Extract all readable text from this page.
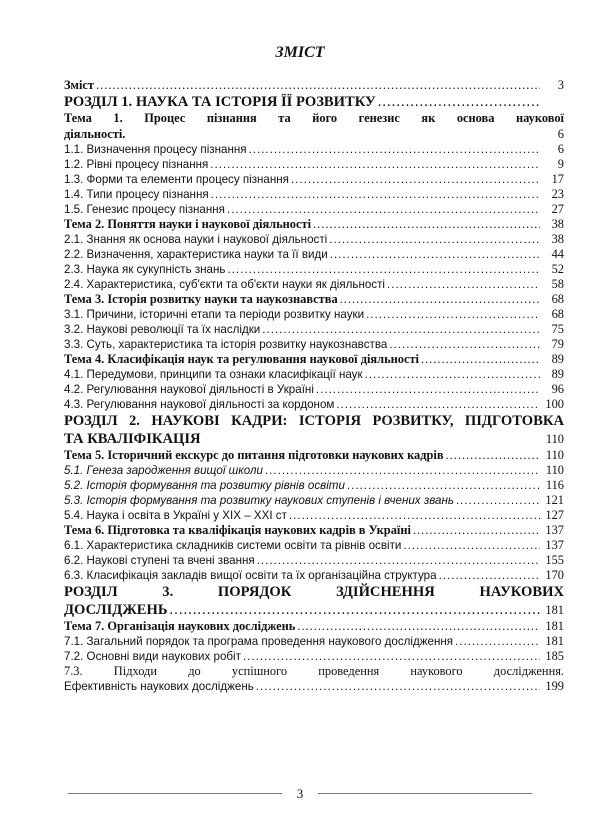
ЗМІСТ
Зміст .....	3
РОЗДІЛ 1. НАУКА ТА ІСТОРІЯ ЇЇ РОЗВИТКУ
.....
Тема 1. Процес пізнання та його генезис як основа наукової
діяльності.	6
1.1. Визначення процесу пізнання .....	6
1.2. Рівні процесу пізнання .....	9
1.3. Форми та елементи процесу пізнання .....	17
1.4. Типи процесу пізнання .....	23
1.5. Генезис процесу пізнання .....	27
Тема 2. Поняття науки і наукової діяльності .....	38
2.1. Знання як основа науки і наукової діяльності .....	38
2.2. Визначення, характеристика науки та її види .....	44
2.3. Наука як сукупність знань .....	52
2.4. Характеристика, суб'єкти та об'єкти науки як діяльності .....	58
Тема 3. Історія розвитку науки та наукознавства .....	68
3.1. Причини, історичні етапи та періоди розвитку науки .....	68
3.2. Наукові революції та їх наслідки .....	75
3.3. Суть, характеристика та історія розвитку наукознавства .....	79
Тема 4. Класифікація наук та регулювання наукової діяльності .....	89
4.1. Передумови, принципи та ознаки класифікації наук .....	89
4.2. Регулювання наукової діяльності в Україні .....	96
4.3. Регулювання наукової діяльності за кордоном .....	100
РОЗДІЛ 2. НАУКОВІ КАДРИ: ІСТОРІЯ РОЗВИТКУ, ПІДГОТОВКА
ТА КВАЛІФІКАЦІЯ	110
Тема 5. Історичний екскурс до питання підготовки наукових кадрів .....	110
5.1. Генеза зародження вищої школи .....	110
5.2. Історія формування та розвитку рівнів освіти .....	116
5.3. Історія формування та розвитку наукових ступенів і вчених звань .....	121
5.4. Наука і освіта в Україні у XIX – XXI ст .....	127
Тема 6. Підготовка та кваліфікація наукових кадрів в Україні .....	137
6.1. Характеристика складників системи освіти та рівнів освіти .....	137
6.2. Наукові ступені та вчені звання .....	155
6.3. Класифікація закладів вищої освіти та їх організаційна структура .....	170
РОЗДІЛ 3. ПОРЯДОК ЗДІЙСНЕННЯ НАУКОВИХ
ДОСЛІДЖЕНЬ .....	181
Тема 7. Організація наукових досліджень .....	181
7.1. Загальний порядок та програма проведення наукового дослідження .....	181
7.2. Основні види наукових робіт .....	185
7.3. Підходи до успішного проведення наукового дослідження.
Ефективність наукових досліджень .....	199
3
